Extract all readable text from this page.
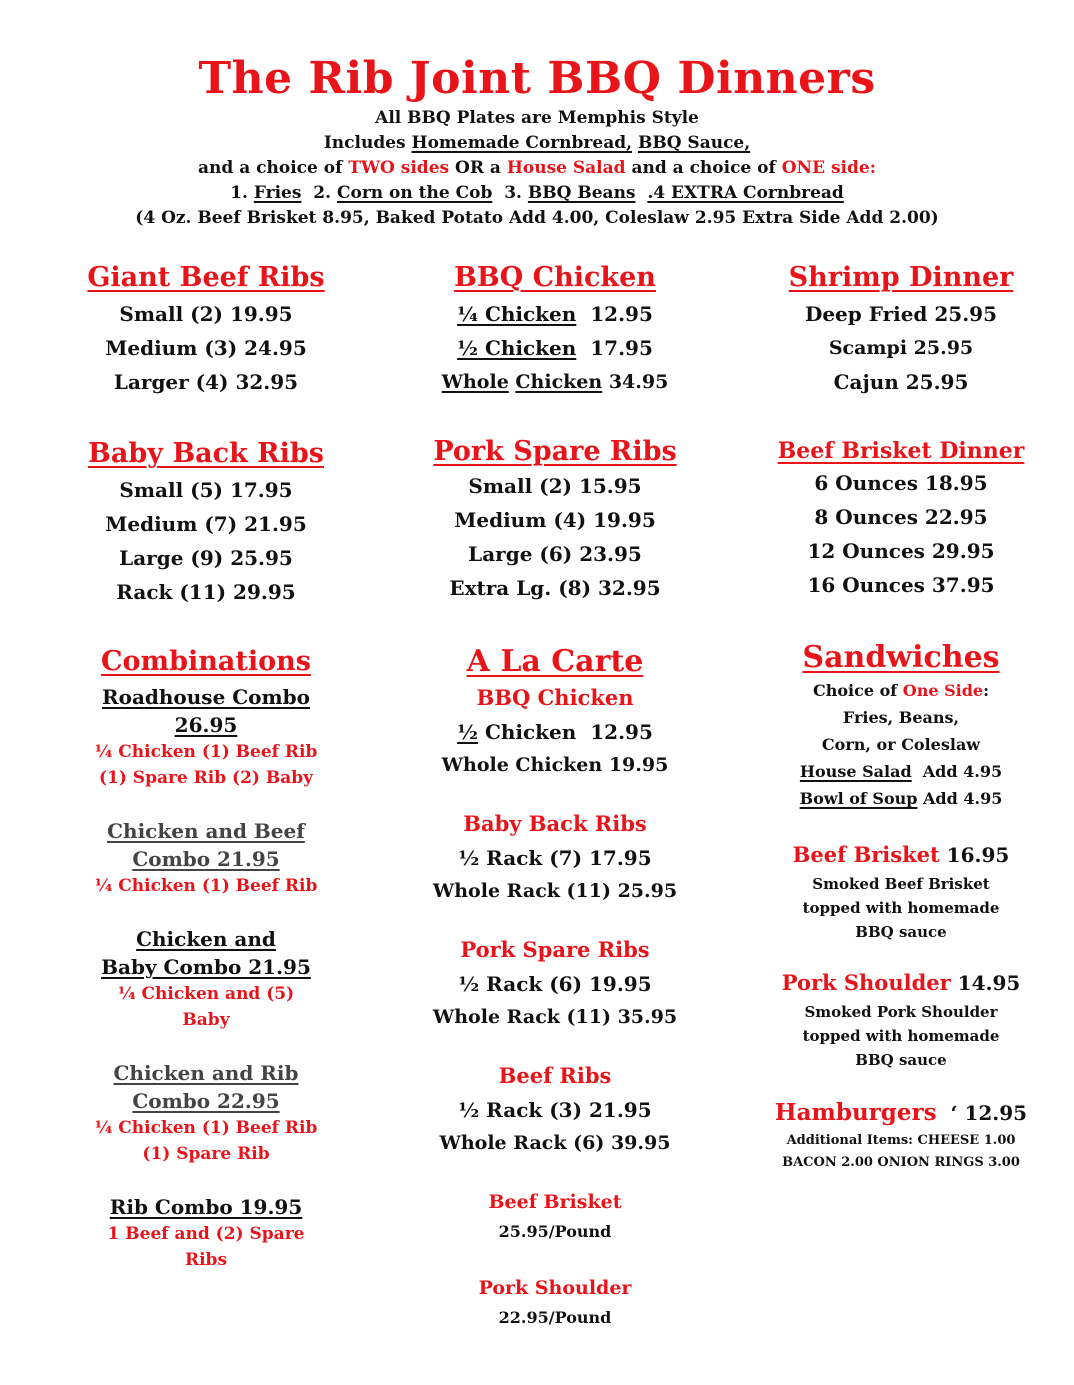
The Rib Joint BBQ Dinners
All BBQ Plates are Memphis Style
Includes Homemade Cornbread, BBQ Sauce,
and a choice of TWO sides OR a House Salad and a choice of ONE side:
1. Fries  2. Corn on the Cob  3. BBQ Beans .4 EXTRA Cornbread
(4 Oz. Beef Brisket 8.95, Baked Potato Add 4.00, Coleslaw 2.95 Extra Side Add 2.00)
Giant Beef Ribs
Small (2) 19.95
Medium (3) 24.95
Larger (4) 32.95
Baby Back Ribs
Small (5) 17.95
Medium (7) 21.95
Large (9) 25.95
Rack (11) 29.95
Combinations
Roadhouse Combo
26.95
¼ Chicken (1) Beef Rib
(1) Spare Rib (2) Baby
Chicken and Beef
Combo 21.95
¼ Chicken (1) Beef Rib
Chicken and
Baby Combo 21.95
¼ Chicken and (5)
Baby
Chicken and Rib
Combo 22.95
¼ Chicken (1) Beef Rib
(1) Spare Rib
Rib Combo 19.95
1 Beef and (2) Spare
Ribs
BBQ Chicken
¼ Chicken  12.95
½ Chicken  17.95
Whole Chicken 34.95
Pork Spare Ribs
Small (2) 15.95
Medium (4) 19.95
Large (6) 23.95
Extra Lg. (8) 32.95
A La Carte
BBQ Chicken
½ Chicken  12.95
Whole Chicken 19.95
Baby Back Ribs
½ Rack (7) 17.95
Whole Rack (11) 25.95
Pork Spare Ribs
½ Rack (6) 19.95
Whole Rack (11) 35.95
Beef Ribs
½ Rack (3) 21.95
Whole Rack (6) 39.95
Beef Brisket
25.95/Pound
Pork Shoulder
22.95/Pound
Shrimp Dinner
Deep Fried 25.95
Scampi 25.95
Cajun 25.95
Beef Brisket Dinner
6 Ounces 18.95
8 Ounces 22.95
12 Ounces 29.95
16 Ounces 37.95
Sandwiches
Choice of One Side:
Fries, Beans,
Corn, or Coleslaw
House Salad  Add 4.95
Bowl of Soup Add 4.95
Beef Brisket 16.95
Smoked Beef Brisket
topped with homemade
BBQ sauce
Pork Shoulder 14.95
Smoked Pork Shoulder
topped with homemade
BBQ sauce
Hamburgers  ‘ 12.95
Additional Items: CHEESE 1.00
BACON 2.00 ONION RINGS 3.00
